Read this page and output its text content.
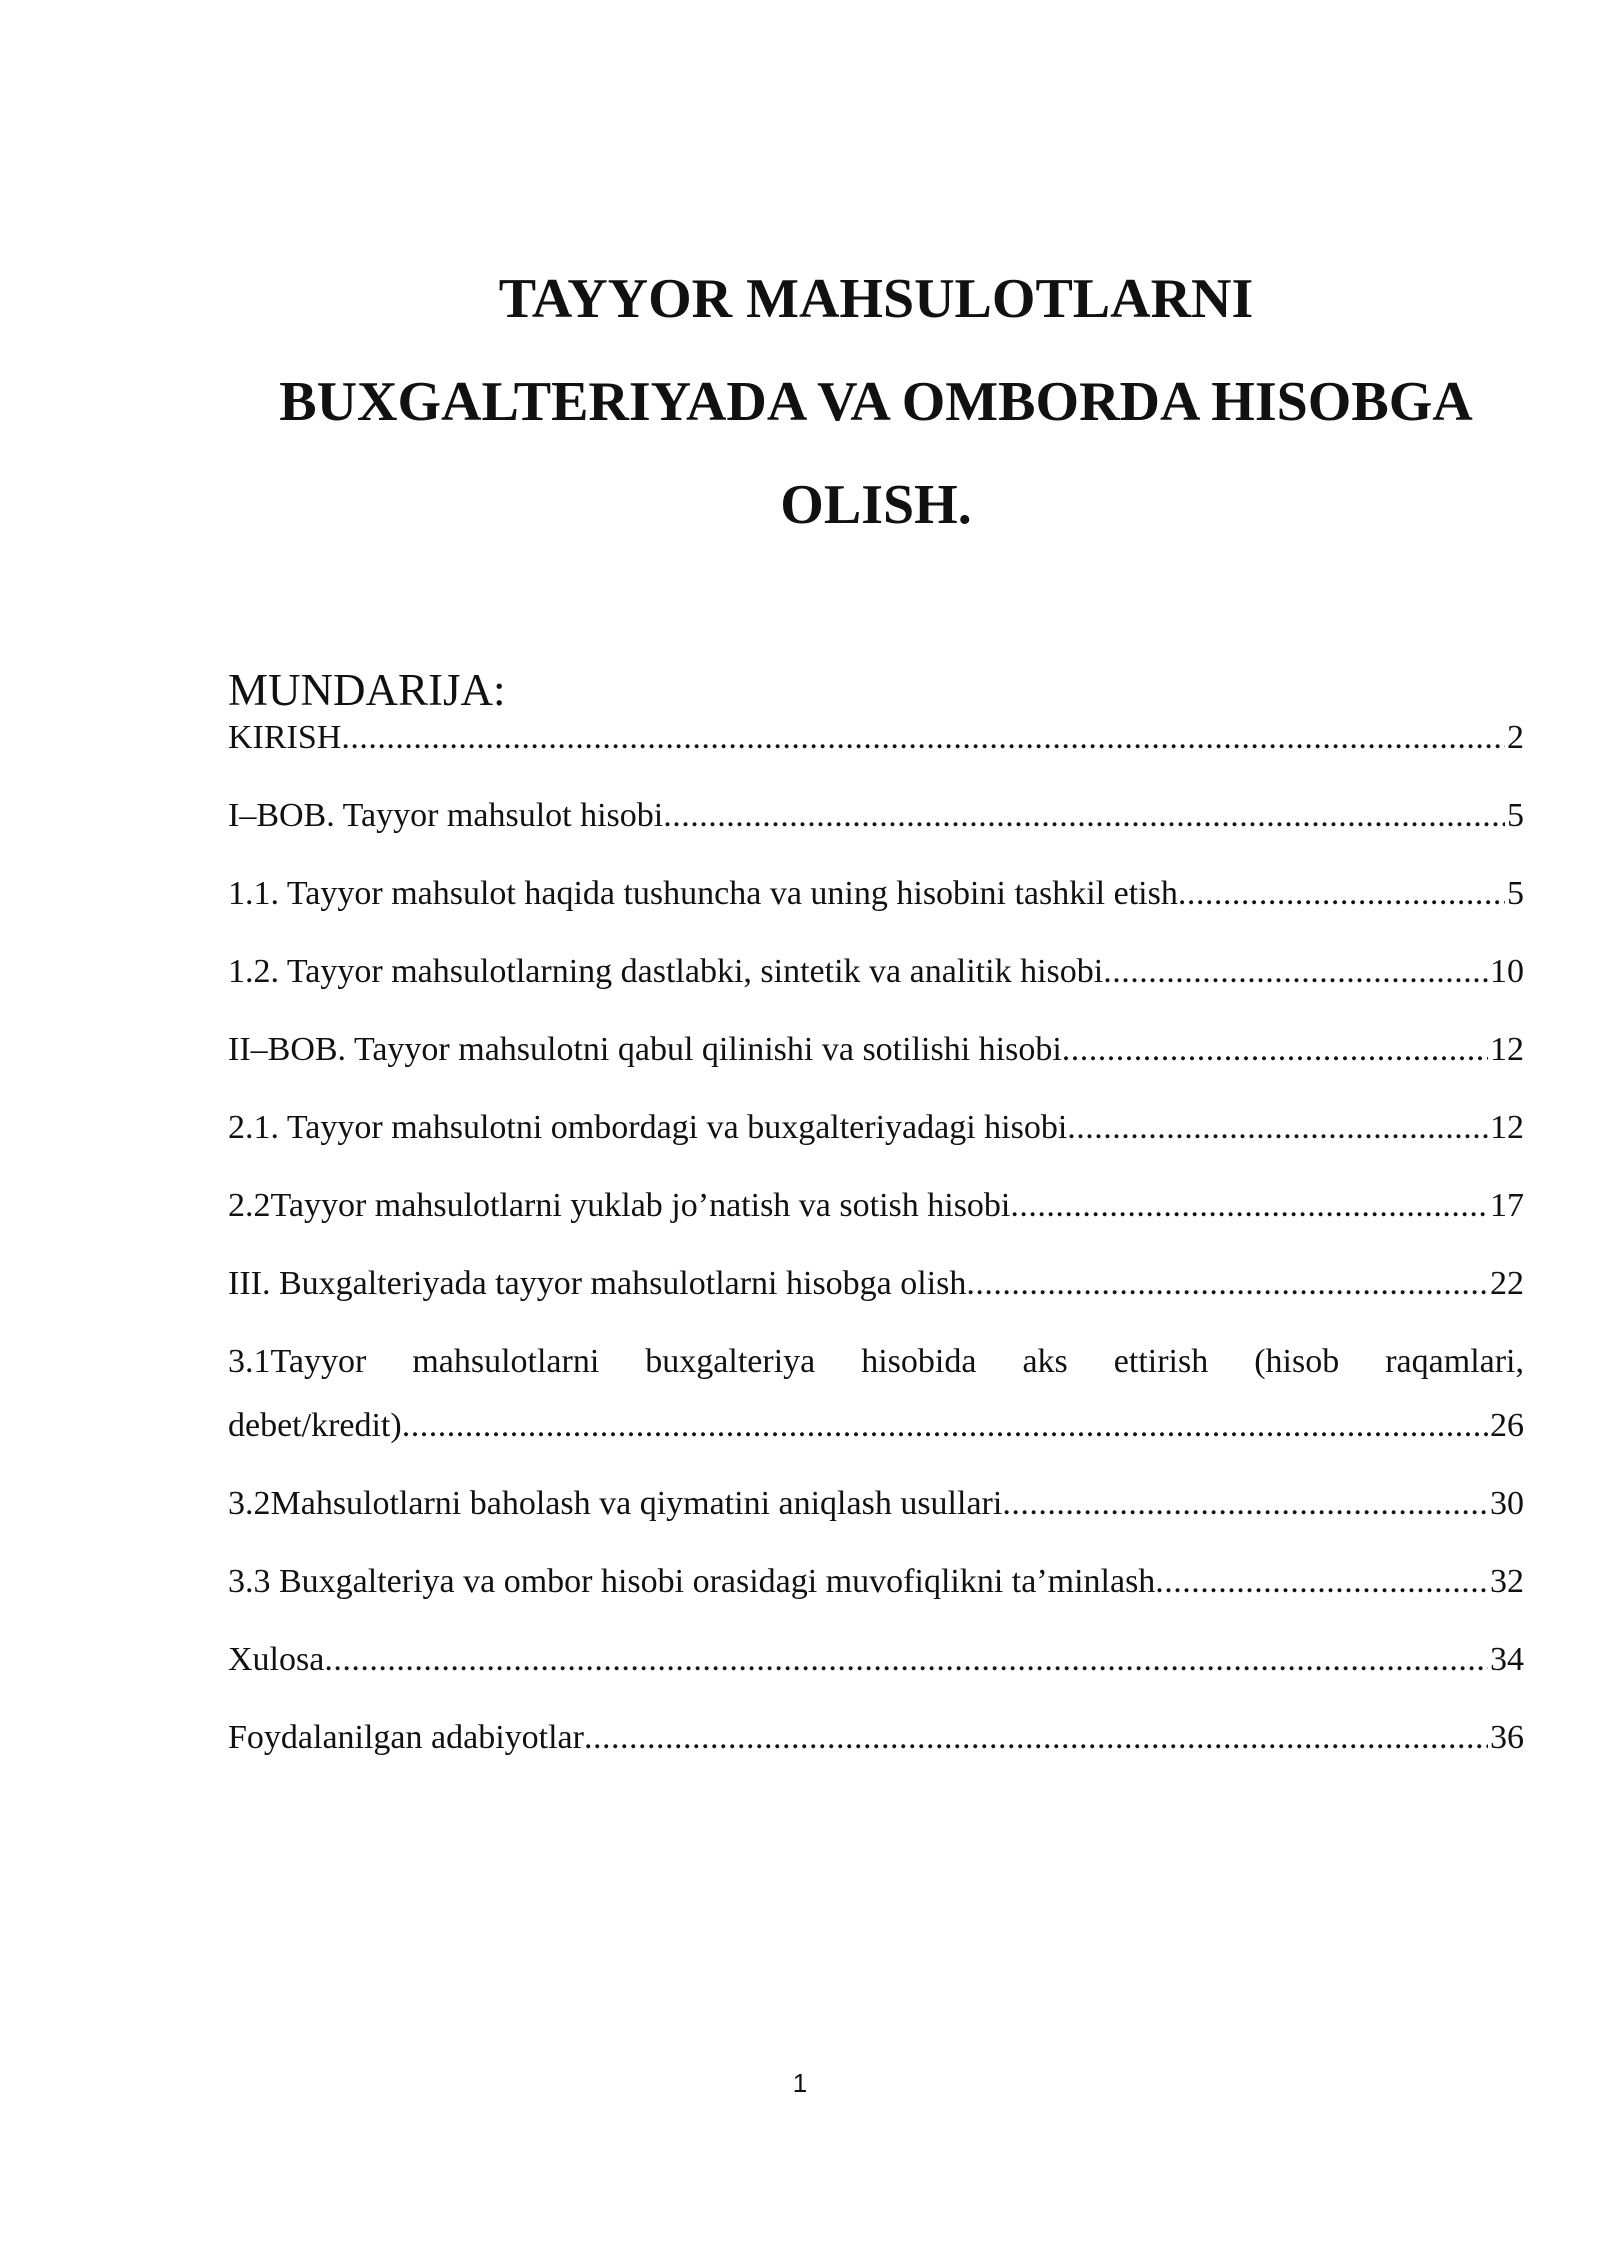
TAYYOR MAHSULOTLARNI
BUXGALTERIYADA VA OMBORDA HISOBGA
OLISH.
MUNDARIJA:
KIRISH .....	2
I–BOB. Tayyor mahsulot hisobi .....	5
1.1. Tayyor mahsulot haqida tushuncha va uning hisobini tashkil etish .....	5
1.2. Tayyor mahsulotlarning dastlabki, sintetik va analitik hisobi .....	10
II–BOB. Tayyor mahsulotni qabul qilinishi va sotilishi hisobi .....	12
2.1. Tayyor mahsulotni ombordagi va buxgalteriyadagi hisobi .....	12
2.2Tayyor mahsulotlarni yuklab jo’natish va sotish hisobi .....	17
III. Buxgalteriyada tayyor mahsulotlarni hisobga olish .....	22
3.1Tayyor mahsulotlarni buxgalteriya hisobida aks ettirish (hisob raqamlari,
debet/kredit) .....	26
3.2Mahsulotlarni baholash va qiymatini aniqlash usullari .....	30
3.3 Buxgalteriya va ombor hisobi orasidagi muvofiqlikni ta’minlash .....	32
Xulosa .....	34
Foydalanilgan adabiyotlar .....	36
1
